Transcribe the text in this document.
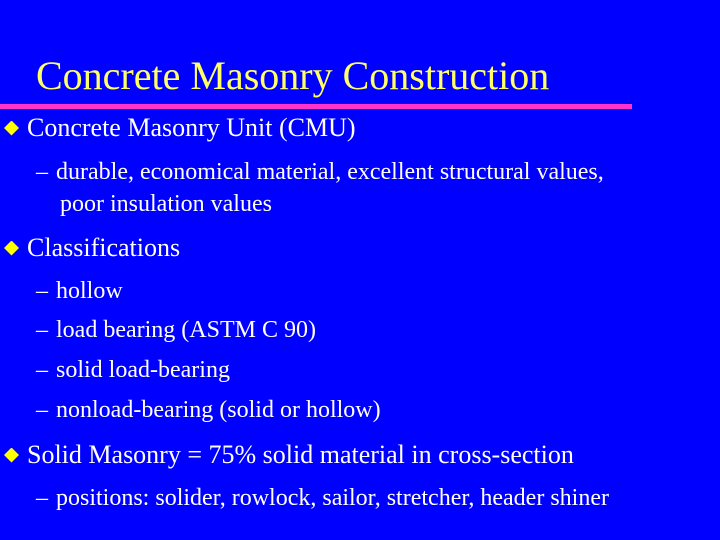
Concrete Masonry Construction
Concrete Masonry Unit (CMU)
– durable, economical material, excellent structural values,
poor insulation values
Classifications
– hollow
– load bearing (ASTM C 90)
– solid load-bearing
– nonload-bearing (solid or hollow)
Solid Masonry = 75% solid material in cross-section
– positions: solider, rowlock, sailor, stretcher, header shiner
